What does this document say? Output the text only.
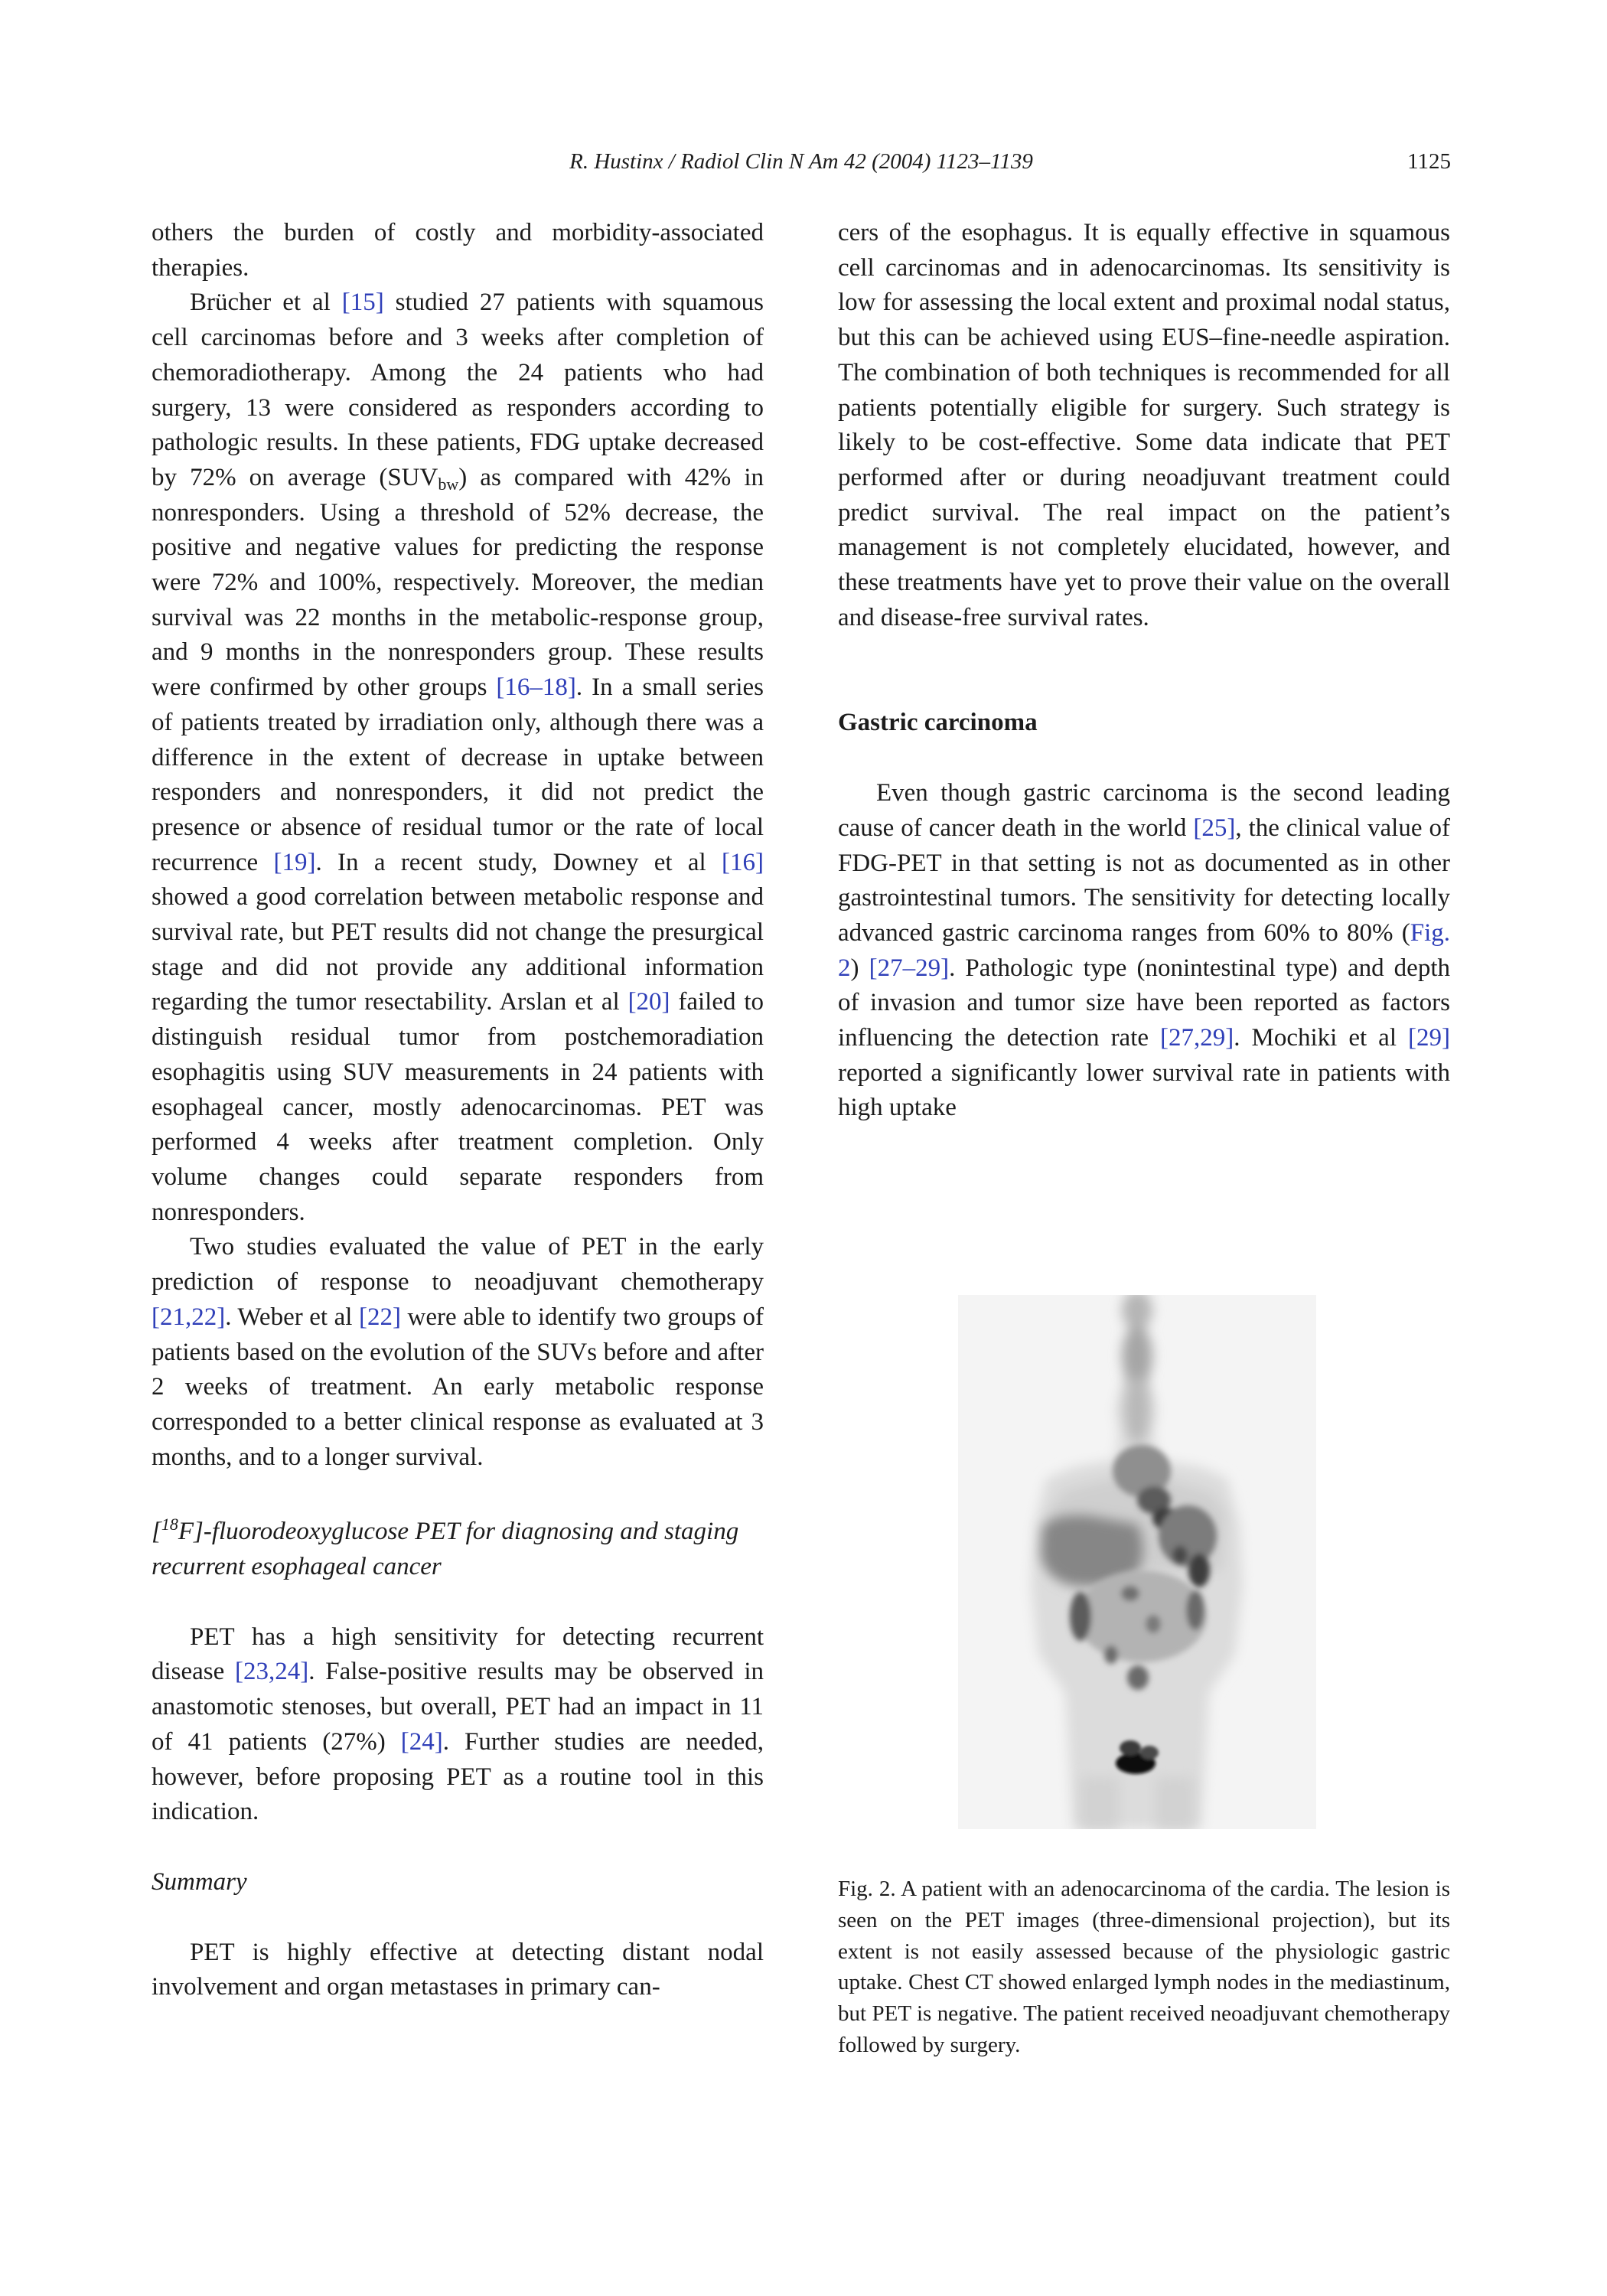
R. Hustinx / Radiol Clin N Am 42 (2004) 1123–1139	1125

others the burden of costly and morbidity-associated therapies.

Brücher et al [15] studied 27 patients with squamous cell carcinomas before and 3 weeks after completion of chemoradiotherapy. Among the 24 patients who had surgery, 13 were considered as responders according to pathologic results. In these patients, FDG uptake decreased by 72% on average $(SUV_{bw})$ as compared with 42% in nonresponders. Using a threshold of 52% decrease, the positive and negative values for predicting the response were 72% and 100%, respectively. Moreover, the median survival was 22 months in the metabolic-response group, and 9 months in the nonresponders group. These results were confirmed by other groups [16–18]. In a small series of patients treated by irradiation only, although there was a difference in the extent of decrease in uptake between responders and nonresponders, it did not predict the presence or absence of residual tumor or the rate of local recurrence [19]. In a recent study, Downey et al [16] showed a good correlation between metabolic response and survival rate, but PET results did not change the presurgical stage and did not provide any additional information regarding the tumor resectability. Arslan et al [20] failed to distinguish residual tumor from postchemoradiation esophagitis using SUV measurements in 24 patients with esophageal cancer, mostly adenocarcinomas. PET was performed 4 weeks after treatment completion. Only volume changes could separate responders from nonresponders.

Two studies evaluated the value of PET in the early prediction of response to neoadjuvant chemotherapy [21,22]. Weber et al [22] were able to identify two groups of patients based on the evolution of the SUVs before and after 2 weeks of treatment. An early metabolic response corresponded to a better clinical response as evaluated at 3 months, and to a longer survival.

[$^{18}$F]-fluorodeoxyglucose PET for diagnosing and staging recurrent esophageal cancer

PET has a high sensitivity for detecting recurrent disease [23,24]. False-positive results may be observed in anastomotic stenoses, but overall, PET had an impact in 11 of 41 patients (27%) [24]. Further studies are needed, however, before proposing PET as a routine tool in this indication.

Summary

PET is highly effective at detecting distant nodal involvement and organ metastases in primary can-

cers of the esophagus. It is equally effective in squamous cell carcinomas and in adenocarcinomas. Its sensitivity is low for assessing the local extent and proximal nodal status, but this can be achieved using EUS–fine-needle aspiration. The combination of both techniques is recommended for all patients potentially eligible for surgery. Such strategy is likely to be cost-effective. Some data indicate that PET performed after or during neoadjuvant treatment could predict survival. The real impact on the patient’s management is not completely elucidated, however, and these treatments have yet to prove their value on the overall and disease-free survival rates.

Gastric carcinoma

Even though gastric carcinoma is the second leading cause of cancer death in the world [25], the clinical value of FDG-PET in that setting is not as documented as in other gastrointestinal tumors. The sensitivity for detecting locally advanced gastric carcinoma ranges from 60% to 80% (Fig. 2) [27–29]. Pathologic type (nonintestinal type) and depth of invasion and tumor size have been reported as factors influencing the detection rate [27,29]. Mochiki et al [29] reported a significantly lower survival rate in patients with high uptake

Fig. 2. A patient with an adenocarcinoma of the cardia. The lesion is seen on the PET images (three-dimensional projection), but its extent is not easily assessed because of the physiologic gastric uptake. Chest CT showed enlarged lymph nodes in the mediastinum, but PET is negative. The patient received neoadjuvant chemotherapy followed by surgery.
